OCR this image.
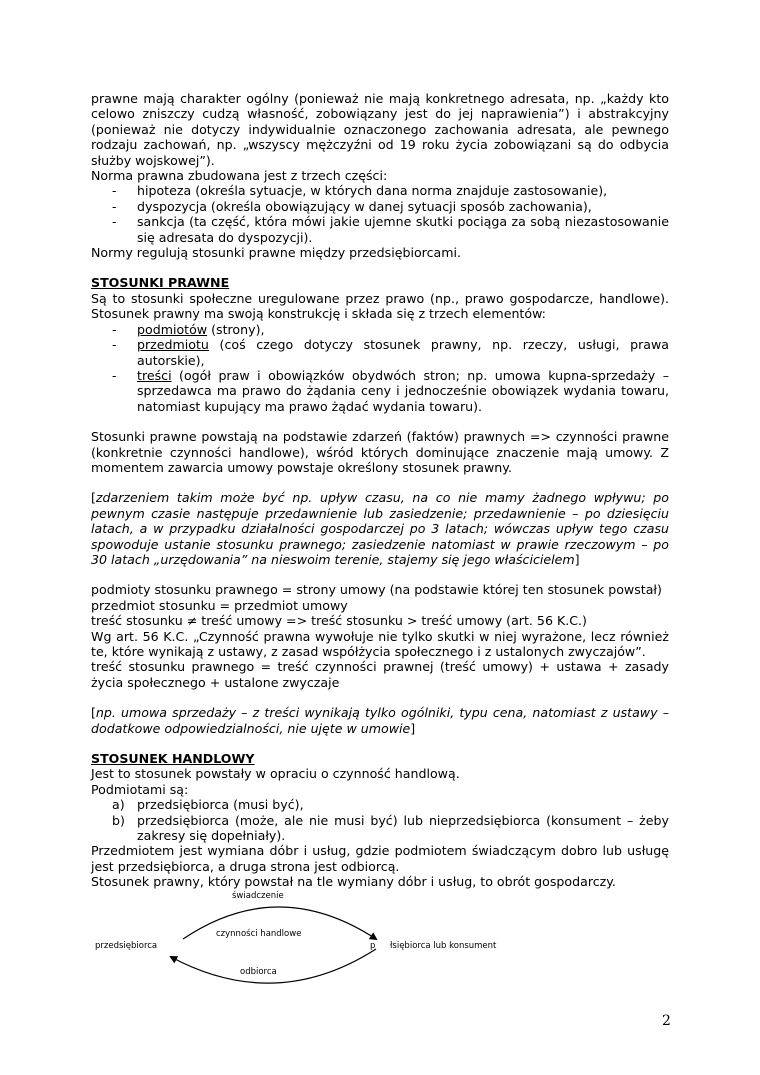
prawne mają charakter ogólny (ponieważ nie mają konkretnego adresata, np. „każdy kto celowo zniszczy cudzą własność, zobowiązany jest do jej naprawienia”) i abstrakcyjny (ponieważ nie dotyczy indywidualnie oznaczonego zachowania adresata, ale pewnego rodzaju zachowań, np. „wszyscy mężczyźni od 19 roku życia zobowiązani są do odbycia służby wojskowej”).

Norma prawna zbudowana jest z trzech części:

- hipoteza (określa sytuacje, w których dana norma znajduje zastosowanie),
- dyspozycja (określa obowiązujący w danej sytuacji sposób zachowania),
- sankcja (ta część, która mówi jakie ujemne skutki pociąga za sobą niezastosowanie się adresata do dyspozycji).

Normy regulują stosunki prawne między przedsiębiorcami.

STOSUNKI PRAWNE

Są to stosunki społeczne uregulowane przez prawo (np., prawo gospodarcze, handlowe). Stosunek prawny ma swoją konstrukcję i składa się z trzech elementów:

- podmiotów (strony),
- przedmiotu (coś czego dotyczy stosunek prawny, np. rzeczy, usługi, prawa autorskie),
- treści (ogół praw i obowiązków obydwóch stron; np. umowa kupna-sprzedaży – sprzedawca ma prawo do żądania ceny i jednocześnie obowiązek wydania towaru, natomiast kupujący ma prawo żądać wydania towaru).

Stosunki prawne powstają na podstawie zdarzeń (faktów) prawnych => czynności prawne (konkretnie czynności handlowe), wśród których dominujące znaczenie mają umowy. Z momentem zawarcia umowy powstaje określony stosunek prawny.

[zdarzeniem takim może być np. upływ czasu, na co nie mamy żadnego wpływu; po pewnym czasie następuje przedawnienie lub zasiedzenie; przedawnienie – po dziesięciu latach, a w przypadku działalności gospodarczej po 3 latach; wówczas upływ tego czasu spowoduje ustanie stosunku prawnego; zasiedzenie natomiast w prawie rzeczowym – po 30 latach „urzędowania” na nieswoim terenie, stajemy się jego właścicielem]

podmioty stosunku prawnego = strony umowy (na podstawie której ten stosunek powstał)

przedmiot stosunku = przedmiot umowy

treść stosunku ≠ treść umowy => treść stosunku > treść umowy (art. 56 K.C.)

Wg art. 56 K.C. „Czynność prawna wywołuje nie tylko skutki w niej wyrażone, lecz również te, które wynikają z ustawy, z zasad współżycia społecznego i z ustalonych zwyczajów”.

treść stosunku prawnego = treść czynności prawnej (treść umowy) + ustawa + zasady życia społecznego + ustalone zwyczaje

[np. umowa sprzedaży – z treści wynikają tylko ogólniki, typu cena, natomiast z ustawy – dodatkowe odpowiedzialności, nie ujęte w umowie]

STOSUNEK HANDLOWY

Jest to stosunek powstały w opraciu o czynność handlową.

Podmiotami są:

a) przedsiębiorca (musi być),
b) przedsiębiorca (może, ale nie musi być) lub nieprzedsiębiorca (konsument – żeby zakresy się dopełniały).

Przedmiotem jest wymiana dóbr i usług, gdzie podmiotem świadczącym dobro lub usługę jest przedsiębiorca, a druga strona jest odbiorcą.

Stosunek prawny, który powstał na tle wymiany dóbr i usług, to obrót gospodarczy.

świadczenie
czynności handlowe
odbiorca
przedsiębiorca	p łsiębiorca lub konsument
2
